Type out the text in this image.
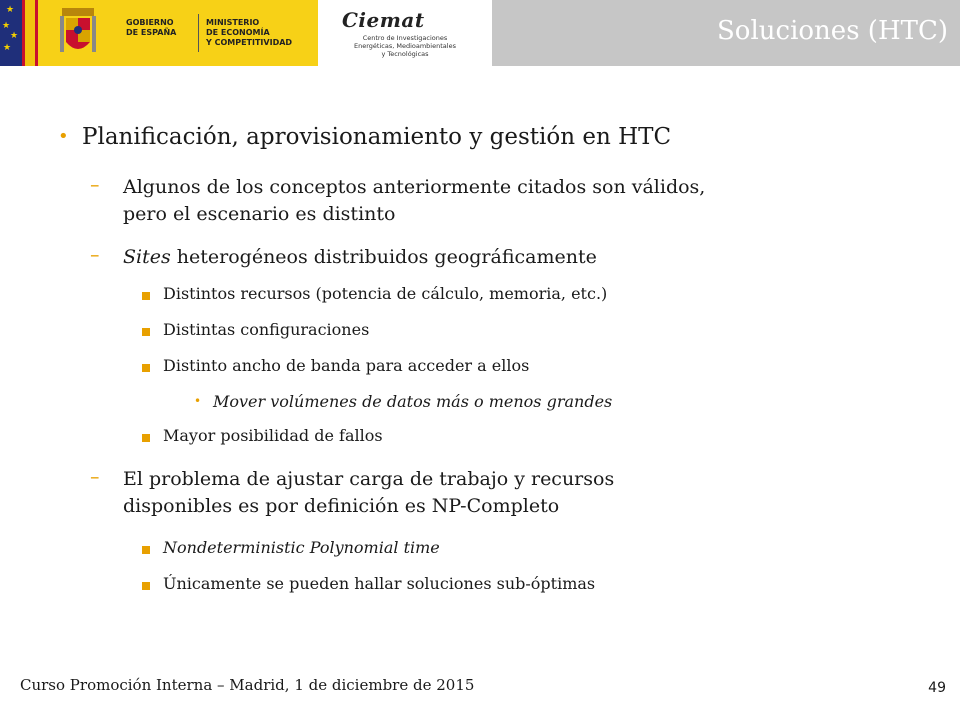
★
★
★
★
GOBIERNO
DE ESPAÑA
MINISTERIO
DE ECONOMÍA
Y COMPETITIVIDAD
Ciemat
Centro de Investigaciones
Energéticas, Medioambientales
y Tecnológicas
Soluciones (HTC)
• Planificación, aprovisionamiento y gestión en HTC
– Algunos de los conceptos anteriormente citados son válidos,
pero el escenario es distinto
– Sites heterogéneos distribuidos geográficamente
Distintos recursos (potencia de cálculo, memoria, etc.)
Distintas configuraciones
Distinto ancho de banda para acceder a ellos
• Mover volúmenes de datos más o menos grandes
Mayor posibilidad de fallos
– El problema de ajustar carga de trabajo y recursos
disponibles es por definición es NP-Completo
Nondeterministic Polynomial time
Únicamente se pueden hallar soluciones sub-óptimas
Curso Promoción Interna – Madrid, 1 de diciembre de 2015	49
